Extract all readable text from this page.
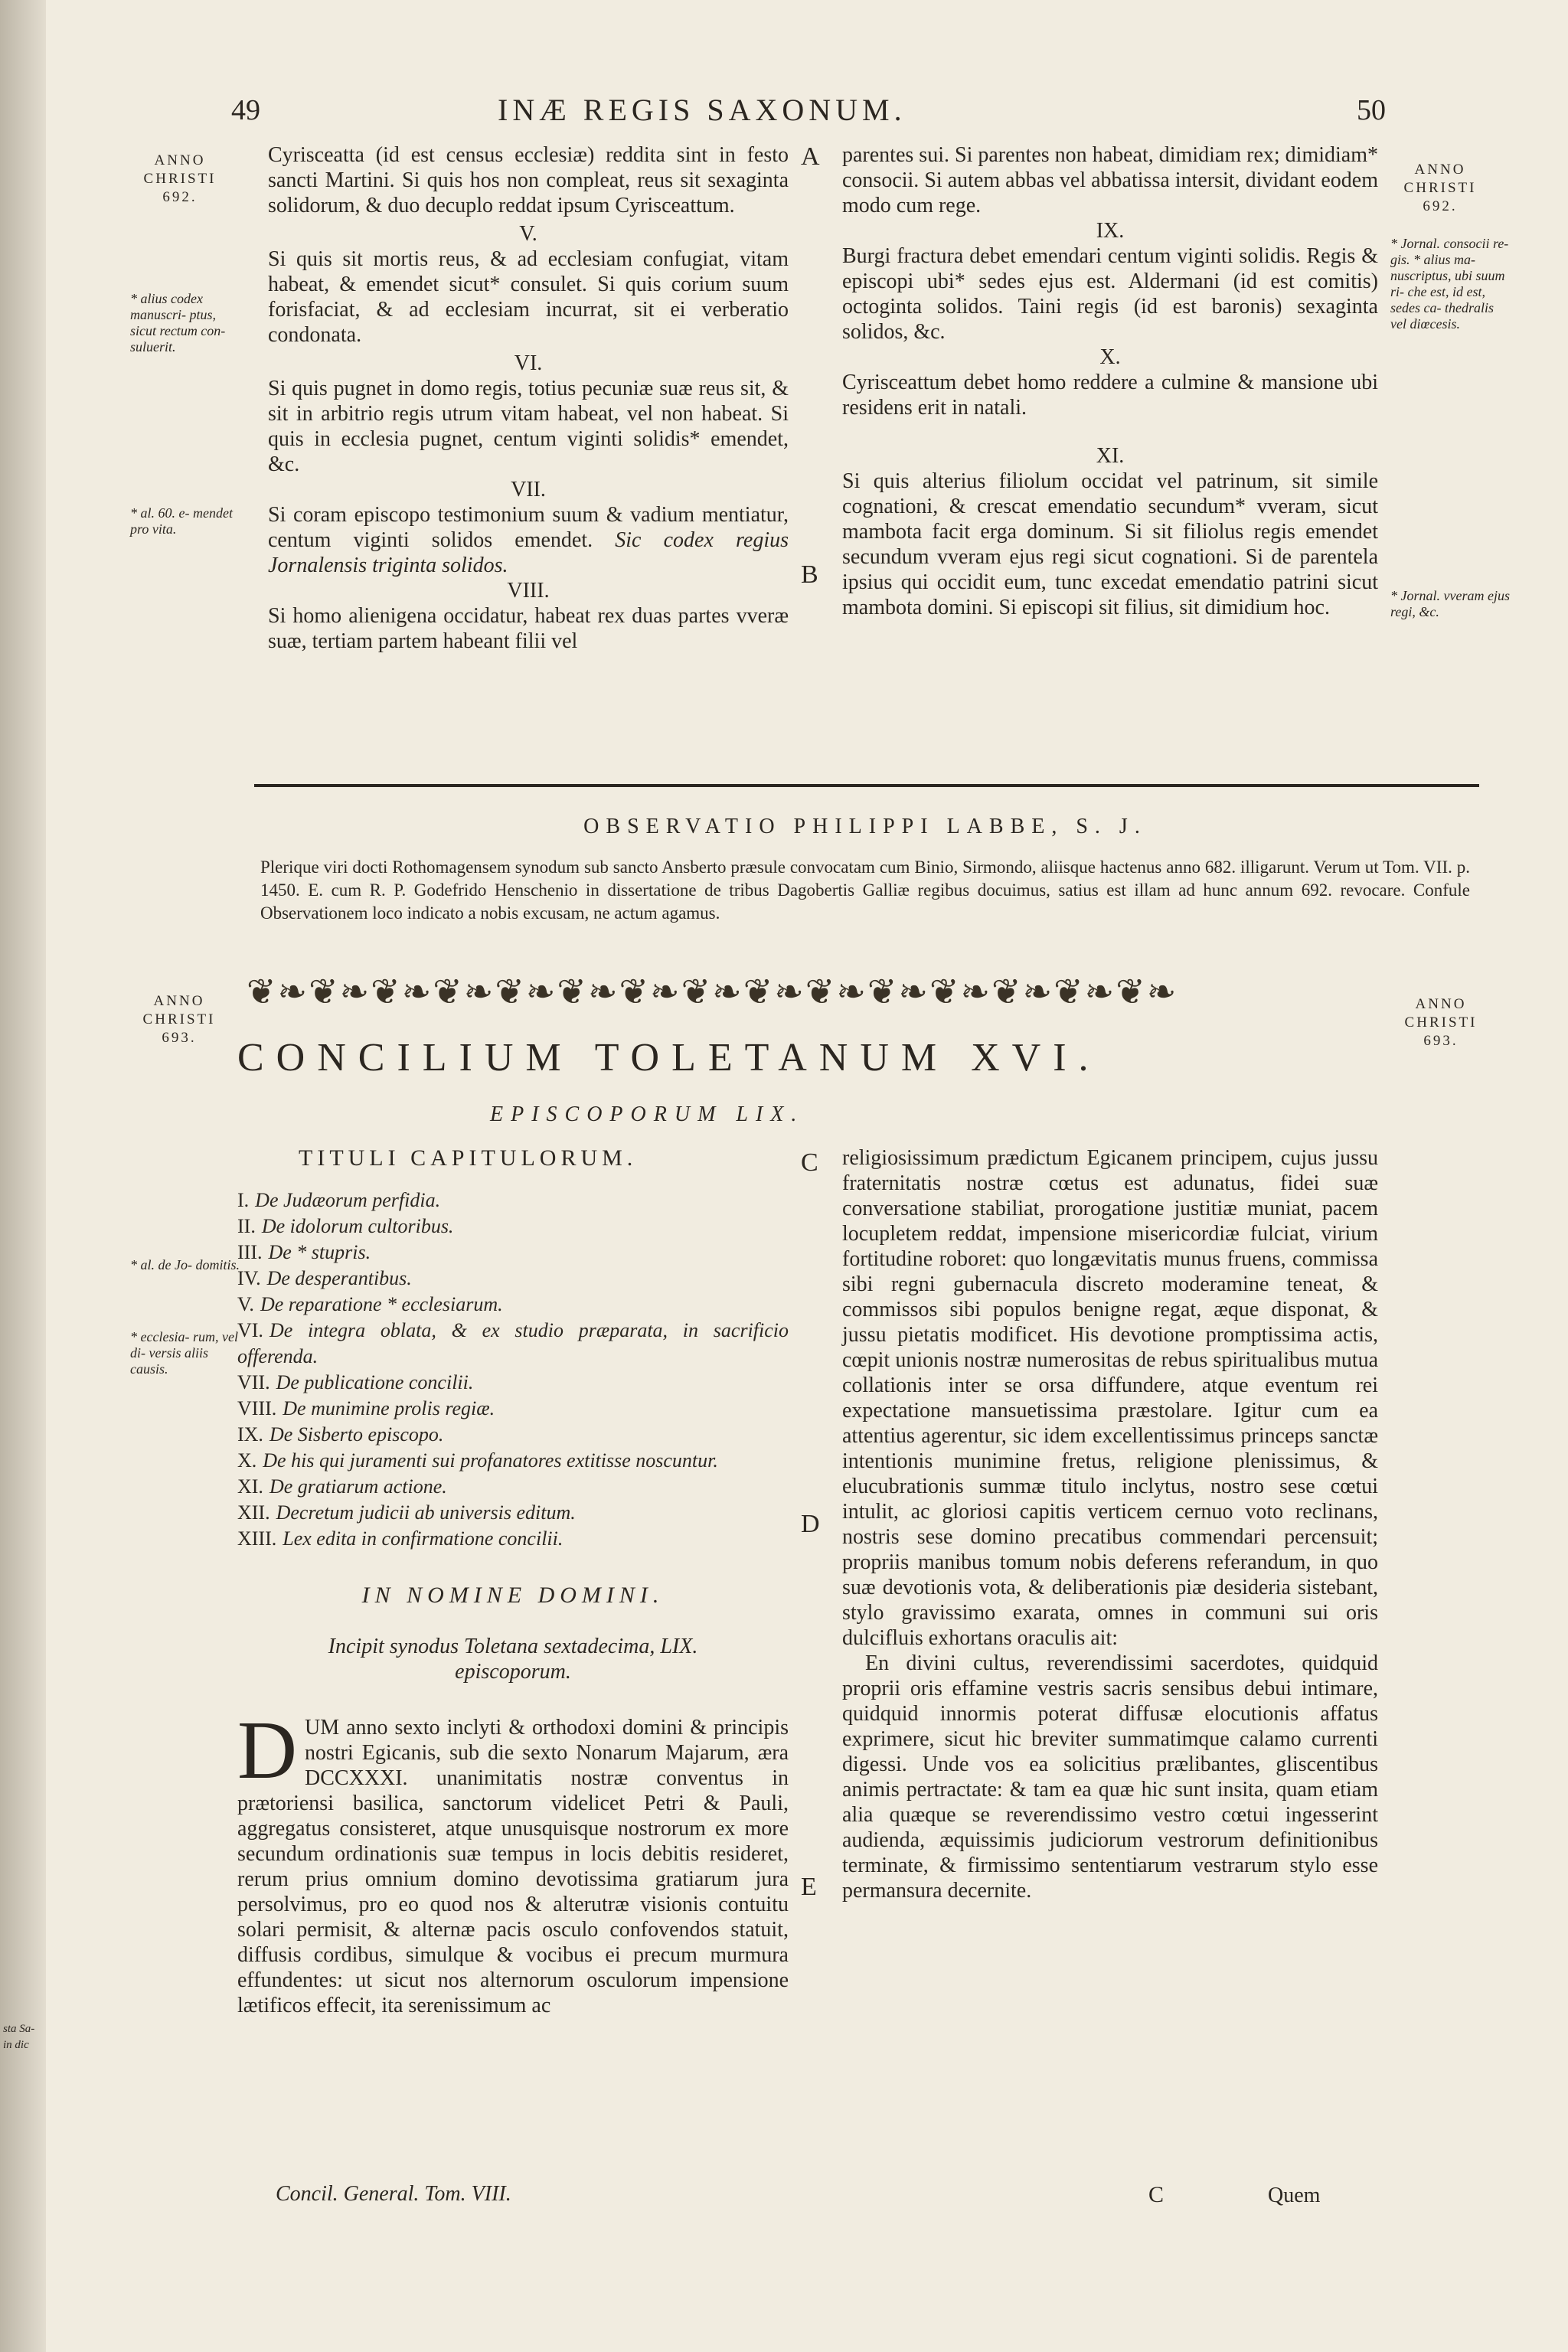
sta Sa- in dic
49	INÆ REGIS SAXONUM.	50
ANNO
CHRISTI
692.
ANNO
CHRISTI
692.
* alius codex manuscri- ptus, sicut rectum con- suluerit.
* al. 60. e- mendet pro vita.
* Jornal. consocii re- gis. * alius ma- nuscriptus, ubi suum ri- che est, id est, sedes ca- thedralis vel diœcesis.
* Jornal. vveram ejus regi, &c.
A
B
C
D
E

Cyrisceatta (id est census ecclesiæ) reddita sint in festo sancti Martini. Si quis hos non compleat, reus sit sexaginta solidorum, & duo decuplo reddat ipsum Cyrisceattum.

V.

Si quis sit mortis reus, & ad ecclesiam confugiat, vitam habeat, & emendet sicut* consulet. Si quis corium suum forisfaciat, & ad ecclesiam incurrat, sit ei verberatio condonata.

VI.

Si quis pugnet in domo regis, totius pecuniæ suæ reus sit, & sit in arbitrio regis utrum vitam habeat, vel non habeat. Si quis in ecclesia pugnet, centum viginti solidis* emendet, &c.

VII.

Si coram episcopo testimonium suum & vadium mentiatur, centum viginti solidos emendet. Sic codex regius Jornalensis triginta solidos.

VIII.

Si homo alienigena occidatur, habeat rex duas partes vveræ suæ, tertiam partem habeant filii vel

parentes sui. Si parentes non habeat, dimidiam rex; dimidiam* consocii. Si autem abbas vel abbatissa intersit, dividant eodem modo cum rege.

IX.

Burgi fractura debet emendari centum viginti solidis. Regis & episcopi ubi* sedes ejus est. Aldermani (id est comitis) octoginta solidos. Taini regis (id est baronis) sexaginta solidos, &c.

X.

Cyrisceattum debet homo reddere a culmine & mansione ubi residens erit in natali.

XI.

Si quis alterius filiolum occidat vel patrinum, sit simile cognationi, & crescat emendatio secundum* vveram, sicut mambota facit erga dominum. Si sit filiolus regis emendet secundum vveram ejus regi sicut cognationi. Si de parentela ipsius qui occidit eum, tunc excedat emendatio patrini sicut mambota domini. Si episcopi sit filius, sit dimidium hoc.

OBSERVATIO PHILIPPI LABBE, S. J.
Plerique viri docti Rothomagensem synodum sub sancto Ansberto præsule convocatam cum Binio, Sirmondo, aliisque hactenus anno 682. illigarunt. Verum ut Tom. VII. p. 1450. E. cum R. P. Godefrido Henschenio in dissertatione de tribus Dagobertis Galliæ regibus docuimus, satius est illam ad hunc annum 692. revocare. Confule Observationem loco indicato a nobis excusam, ne actum agamus.
ANNO
CHRISTI
693.
ANNO
CHRISTI
693.
❦❧❦❧❦❧❦❧❦❧❦❧❦❧❦❧❦❧❦❧❦❧❦❧❦❧❦❧❦❧
CONCILIUM TOLETANUM XVI.
EPISCOPORUM LIX.
* al. de Jo- domitis.
* ecclesia- rum, vel di- versis aliis causis.

TITULI CAPITULORUM.

I. De Judæorum perfidia.
II. De idolorum cultoribus.
III. De * stupris.
IV. De desperantibus.
V. De reparatione * ecclesiarum.
VI. De integra oblata, & ex studio præparata, in sacrificio offerenda.
VII. De publicatione concilii.
VIII. De munimine prolis regiæ.
IX. De Sisberto episcopo.
X. De his qui juramenti sui profanatores extitisse noscuntur.
XI. De gratiarum actione.
XII. Decretum judicii ab universis editum.
XIII. Lex edita in confirmatione concilii.

IN NOMINE DOMINI.

Incipit synodus Toletana sextadecima, LIX. episcoporum.

DUM anno sexto inclyti & orthodoxi domini & principis nostri Egicanis, sub die sexto Nonarum Majarum, æra DCCXXXI. unanimitatis nostræ conventus in prætoriensi basilica, sanctorum videlicet Petri & Pauli, aggregatus consisteret, atque unusquisque nostrorum ex more secundum ordinationis suæ tempus in locis debitis resideret, rerum prius omnium domino devotissima gratiarum jura persolvimus, pro eo quod nos & alterutræ visionis contuitu solari permisit, & alternæ pacis osculo confovendos statuit, diffusis cordibus, simulque & vocibus ei precum murmura effundentes: ut sicut nos alternorum osculorum impensione lætificos effecit, ita serenissimum ac

religiosissimum prædictum Egicanem principem, cujus jussu fraternitatis nostræ cœtus est adunatus, fidei suæ conversatione stabiliat, prorogatione justitiæ muniat, pacem locupletem reddat, impensione misericordiæ fulciat, virium fortitudine roboret: quo longævitatis munus fruens, commissa sibi regni gubernacula discreto moderamine teneat, & commissos sibi populos benigne regat, æque disponat, & jussu pietatis modificet. His devotione promptissima actis, cœpit unionis nostræ numerositas de rebus spiritualibus mutua collationis inter se orsa diffundere, atque eventum rei expectatione mansuetissima præstolare. Igitur cum ea attentius agerentur, sic idem excellentissimus princeps sanctæ intentionis munimine fretus, religione plenissimus, & elucubrationis summæ titulo inclytus, nostro sese cœtui intulit, ac gloriosi capitis verticem cernuo voto reclinans, nostris sese domino precatibus commendari percensuit; propriis manibus tomum nobis deferens referandum, in quo suæ devotionis vota, & deliberationis piæ desideria sistebant, stylo gravissimo exarata, omnes in communi sui oris dulcifluis exhortans oraculis ait:

En divini cultus, reverendissimi sacerdotes, quidquid proprii oris effamine vestris sacris sensibus debui intimare, quidquid innormis poterat diffusæ elocutionis affatus exprimere, sicut hic breviter summatimque calamo currenti digessi. Unde vos ea solicitius prælibantes, gliscentibus animis pertractate: & tam ea quæ hic sunt insita, quam etiam alia quæque se reverendissimo vestro cœtui ingesserint audienda, æquissimis judiciorum vestrorum definitionibus terminate, & firmissimo sententiarum vestrarum stylo esse permansura decernite.

Concil. General. Tom. VIII.	C	Quem
